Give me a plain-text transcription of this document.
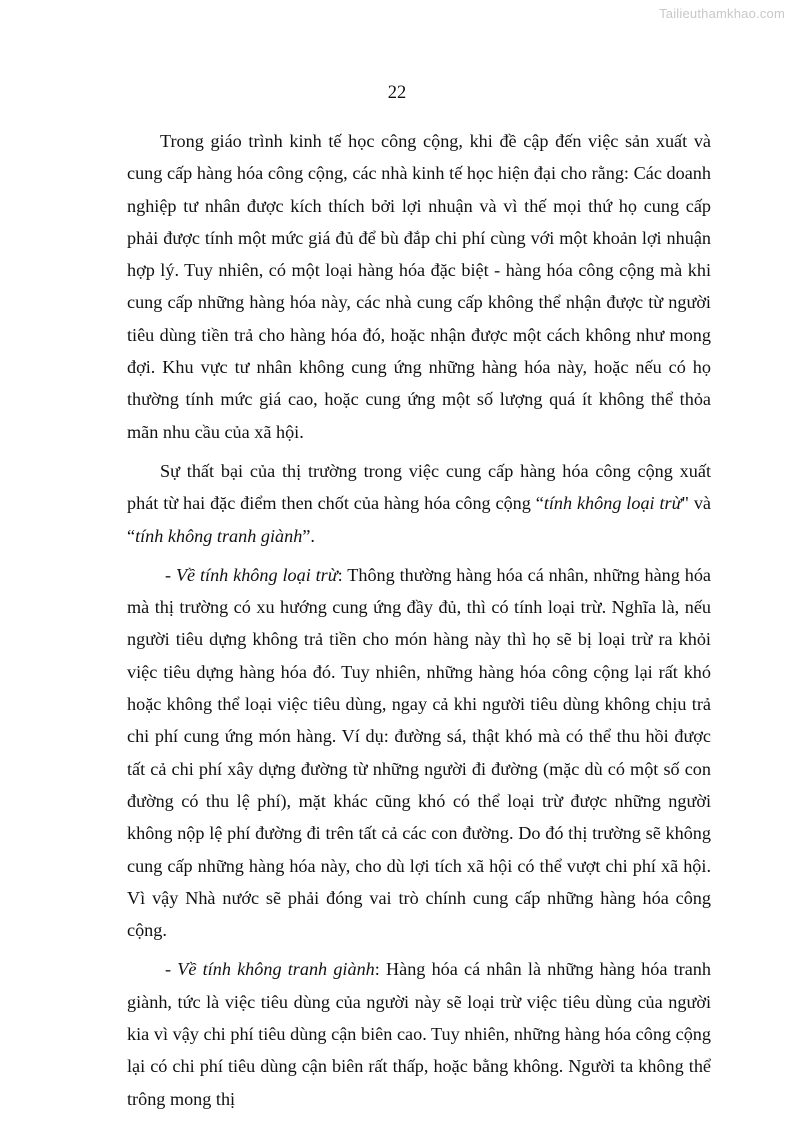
Tailieuthamkhao.com
22

Trong giáo trình kinh tế học công cộng, khi đề cập đến việc sản xuất và cung cấp hàng hóa công cộng, các nhà kinh tế học hiện đại cho rằng: Các doanh nghiệp tư nhân được kích thích bởi lợi nhuận và vì thế mọi thứ họ cung cấp phải được tính một mức giá đủ để bù đắp chi phí cùng với một khoản lợi nhuận hợp lý. Tuy nhiên, có một loại hàng hóa đặc biệt - hàng hóa công cộng mà khi cung cấp những hàng hóa này, các nhà cung cấp không thể nhận được từ người tiêu dùng tiền trả cho hàng hóa đó, hoặc nhận được một cách không như mong đợi. Khu vực tư nhân không cung ứng những hàng hóa này, hoặc nếu có họ thường tính mức giá cao, hoặc cung ứng một số lượng quá ít không thể thỏa mãn nhu cầu của xã hội.

Sự thất bại của thị trường trong việc cung cấp hàng hóa công cộng xuất phát từ hai đặc điểm then chốt của hàng hóa công cộng “tính không loại trừ" và “tính không tranh giành”.

- Về tính không loại trừ: Thông thường hàng hóa cá nhân, những hàng hóa mà thị trường có xu hướng cung ứng đầy đủ, thì có tính loại trừ. Nghĩa là, nếu người tiêu dựng không trả tiền cho món hàng này thì họ sẽ bị loại trừ ra khỏi việc tiêu dựng hàng hóa đó. Tuy nhiên, những hàng hóa công cộng lại rất khó hoặc không thể loại việc tiêu dùng, ngay cả khi người tiêu dùng không chịu trả chi phí cung ứng món hàng. Ví dụ: đường sá, thật khó mà có thể thu hồi được tất cả chi phí xây dựng đường từ những người đi đường (mặc dù có một số con đường có thu lệ phí), mặt khác cũng khó có thể loại trừ được những người không nộp lệ phí đường đi trên tất cả các con đường. Do đó thị trường sẽ không cung cấp những hàng hóa này, cho dù lợi tích xã hội có thể vượt chi phí xã hội. Vì vậy Nhà nước sẽ phải đóng vai trò chính cung cấp những hàng hóa công cộng.

- Về tính không tranh giành: Hàng hóa cá nhân là những hàng hóa tranh giành, tức là việc tiêu dùng của người này sẽ loại trừ việc tiêu dùng của người kia vì vậy chi phí tiêu dùng cận biên cao. Tuy nhiên, những hàng hóa công cộng lại có chi phí tiêu dùng cận biên rất thấp, hoặc bằng không. Người ta không thể trông mong thị
